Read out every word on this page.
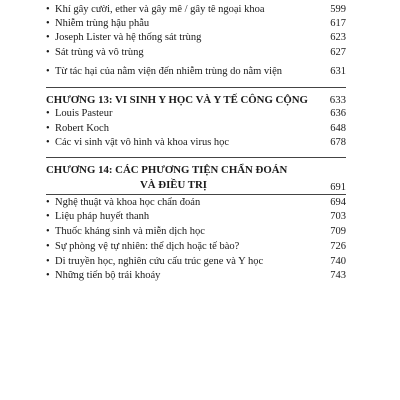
• Khí gây cười, ether và gây mê / gây tê ngoại khoa	599
• Nhiễm trùng hậu phẫu	617
• Joseph Lister và hệ thống sát trùng	623
• Sát trùng và vô trùng	627
• Từ tác hại của nằm viện đến nhiễm trùng do nằm viện	631
CHƯƠNG 13: VI SINH Y HỌC VÀ Y TẾ CÔNG CỘNG 633
• Louis Pasteur	636
• Robert Koch	648
• Các vi sinh vật vô hình và khoa virus học	678
CHƯƠNG 14: CÁC PHƯƠNG TIỆN CHẨN ĐOÁN
VÀ ĐIỀU TRỊ	691
• Nghệ thuật và khoa học chẩn đoán	694
• Liệu pháp huyết thanh	703
• Thuốc kháng sinh và miễn dịch học	709
• Sự phòng vệ tự nhiên: thể dịch hoặc tế bào?	726
• Di truyền học, nghiên cứu cấu trúc gene và Y học	740
• Những tiến bộ trái khoáy	743
